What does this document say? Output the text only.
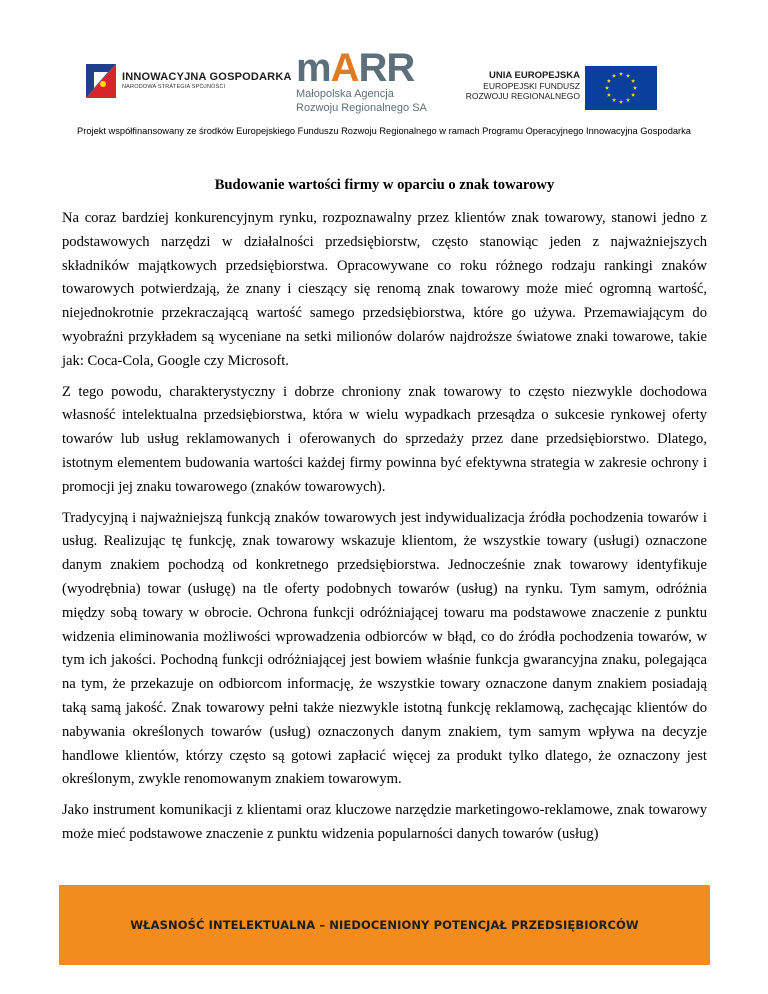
INNOWACYJNA GOSPODARKA
NARODOWA STRATEGIA SPÓJNOŚCI	mARR
Małopolska Agencja
Rozwoju Regionalnego SA
UNIA EUROPEJSKA
EUROPEJSKI FUNDUSZ
ROZWOJU REGIONALNEGO
Projekt współfinansowany ze środków Europejskiego Funduszu Rozwoju Regionalnego w ramach Programu Operacyjnego Innowacyjna Gospodarka
Budowanie wartości firmy w oparciu o znak towarowy

Na coraz bardziej konkurencyjnym rynku, rozpoznawalny przez klientów znak towarowy, stanowi jedno z podstawowych narzędzi w działalności przedsiębiorstw, często stanowiąc jeden z najważniejszych składników majątkowych przedsiębiorstwa. Opracowywane co roku różnego rodzaju rankingi znaków towarowych potwierdzają, że znany i cieszący się renomą znak towarowy może mieć ogromną wartość, niejednokrotnie przekraczającą wartość samego przedsiębiorstwa, które go używa. Przemawiającym do wyobraźni przykładem są wyceniane na setki milionów dolarów najdroższe światowe znaki towarowe, takie jak: Coca-Cola, Google czy Microsoft.

Z tego powodu, charakterystyczny i dobrze chroniony znak towarowy to często niezwykle dochodowa własność intelektualna przedsiębiorstwa, która w wielu wypadkach przesądza o sukcesie rynkowej oferty towarów lub usług reklamowanych i oferowanych do sprzedaży przez dane przedsiębiorstwo. Dlatego, istotnym elementem budowania wartości każdej firmy powinna być efektywna strategia w zakresie ochrony i promocji jej znaku towarowego (znaków towarowych).

Tradycyjną i najważniejszą funkcją znaków towarowych jest indywidualizacja źródła pochodzenia towarów i usług. Realizując tę funkcję, znak towarowy wskazuje klientom, że wszystkie towary (usługi) oznaczone danym znakiem pochodzą od konkretnego przedsiębiorstwa. Jednocześnie znak towarowy identyfikuje (wyodrębnia) towar (usługę) na tle oferty podobnych towarów (usług) na rynku. Tym samym, odróżnia między sobą towary w obrocie. Ochrona funkcji odróżniającej towaru ma podstawowe znaczenie z punktu widzenia eliminowania możliwości wprowadzenia odbiorców w błąd, co do źródła pochodzenia towarów, w tym ich jakości. Pochodną funkcji odróżniającej jest bowiem właśnie funkcja gwarancyjna znaku, polegająca na tym, że przekazuje on odbiorcom informację, że wszystkie towary oznaczone danym znakiem posiadają taką samą jakość. Znak towarowy pełni także niezwykle istotną funkcję reklamową, zachęcając klientów do nabywania określonych towarów (usług) oznaczonych danym znakiem, tym samym wpływa na decyzje handlowe klientów, którzy często są gotowi zapłacić więcej za produkt tylko dlatego, że oznaczony jest określonym, zwykle renomowanym znakiem towarowym.

Jako instrument komunikacji z klientami oraz kluczowe narzędzie marketingowo-reklamowe, znak towarowy może mieć podstawowe znaczenie z punktu widzenia popularności danych towarów (usług)

WŁASNOŚĆ INTELEKTUALNA – NIEDOCENIONY POTENCJAŁ PRZEDSIĘBIORCÓW
